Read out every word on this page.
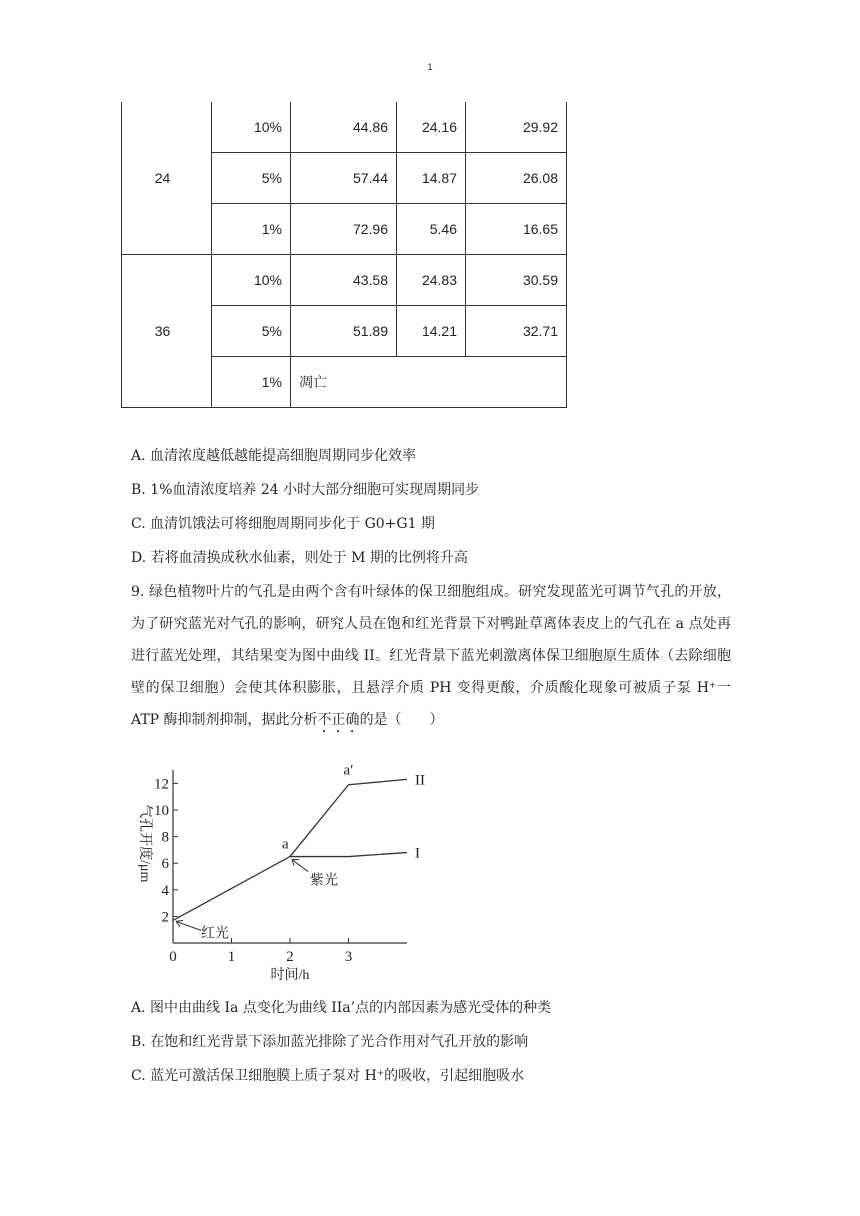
1
24	10%	44.86	24.16	29.92
	5%	57.44	14.87	26.08
	1%	72.96	5.46	16.65
36	10%	43.58	24.83	30.59
	5%	51.89	14.21	32.71
	1%	凋亡		
A. 血清浓度越低越能提高细胞周期同步化效率
B. 1%血清浓度培养 24 小时大部分细胞可实现周期同步
C. 血清饥饿法可将细胞周期同步化于 G0+G1 期
D. 若将血清换成秋水仙素，则处于 M 期的比例将升高
9. 绿色植物叶片的气孔是由两个含有叶绿体的保卫细胞组成。研究发现蓝光可调节气孔的开放，为了研究蓝光对气孔的影响，研究人员在饱和红光背景下对鸭趾草离体表皮上的气孔在 a 点处再进行蓝光处理，其结果变为图中曲线 II。红光背景下蓝光刺激离体保卫细胞原生质体（去除细胞壁的保卫细胞）会使其体积膨胀，且悬浮介质 PH 变得更酸，介质酸化现象可被质子泵 H⁺一 ATP 酶抑制剂抑制，据此分析不正确的是（　　）
0	1	2	3
2
4
6
8
10
12
I
II
a
a′
红光
紫光
时间/h
气孔开度/μm
A. 图中由曲线 Ia 点变化为曲线 IIa’点的内部因素为感光受体的种类
B. 在饱和红光背景下添加蓝光排除了光合作用对气孔开放的影响
C. 蓝光可激活保卫细胞膜上质子泵对 H⁺的吸收，引起细胞吸水
